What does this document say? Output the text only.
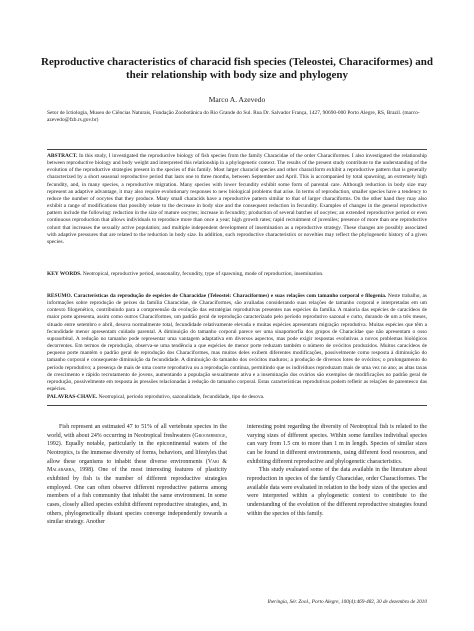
Reproductive characteristics of characid fish species (Teleostei, Characiformes) and their relationship with body size and phylogeny
Marco A. Azevedo
Setor de Ictiologia, Museu de Ciências Naturais, Fundação Zoobotânica do Rio Grande do Sul. Rua Dr. Salvador França, 1427, 90690-000 Porto Alegre, RS, Brazil. (marco-azevedo@fzb.rs.gov.br)

ABSTRACT. In this study, I investigated the reproductive biology of fish species from the family Characidae of the order Characiformes. I also investigated the relationship between reproductive biology and body weight and interpreted this relationship in a phylogenetic context. The results of the present study contribute to the understanding of the evolution of the reproductive strategies present in the species of this family. Most larger characid species and other characiform exhibit a reproductive pattern that is generally characterized by a short seasonal reproductive period that lasts one to three months, between September and April. This is accompanied by total spawning, an extremely high fecundity, and, in many species, a reproductive migration. Many species with lower fecundity exhibit some form of parental care. Although reduction in body size may represent an adaptive advantage, it may also require evolutionary responses to new biological problems that arise. In terms of reproduction, smaller species have a tendency to reduce the number of oocytes that they produce. Many small characids have a reproductive pattern similar to that of larger characiforms. On the other hand they may also exhibit a range of modifications that possibly relate to the decrease in body size and the consequent reduction in fecundity. Examples of changes in the general reproductive pattern include the following: reduction in the size of mature oocytes; increase in fecundity; production of several batches of oocytes; an extended reproductive period or even continuous reproduction that allows individuals to reproduce more than once a year; high growth rates; rapid recruitment of juveniles; presence of more than one reproductive cohort that increases the sexually active population; and multiple independent development of insemination as a reproductive strategy. These changes are possibly associated with adaptive pressures that are related to the reduction in body size. In addition, such reproductive characteristics or novelties may reflect the phylogenetic history of a given species.

KEY WORDS. Neotropical, reproductive period, seasonality, fecundity, type of spawning, mode of reproduction, insemination.

RESUMO. Características da reprodução de espécies de Characidae (Teleostei: Characiformes) e suas relações com tamanho corporal e filogenia. Neste trabalho, as informações sobre reprodução de peixes da família Characidae, de Characiformes, são avaliadas considerando suas relações de tamanho corporal e interpretadas em um contexto filogenético, contribuindo para a compreensão da evolução das estratégias reprodutivas presentes nas espécies da família. A maioria das espécies de caracídeos de maior porte apresenta, assim como outros Characiformes, um padrão geral de reprodução caracterizado pelo período reprodutivo sazonal e curto, durando de um a três meses, situado entre setembro e abril, desova normalmente total, fecundidade relativamente elevada e muitas espécies apresentam migração reprodutiva. Muitas espécies que têm a fecundidade menor apresentam cuidado parental. A diminuição do tamanho corporal parece ser uma sinapomorfia dos grupos de Characidae que não apresentam o osso supraorbital. A redução no tamanho pode representar uma vantagem adaptativa em diversos aspectos, mas pode exigir respostas evolutivas a novos problemas biológicos decorrentes. Em termos de reprodução, observa-se uma tendência a que espécies de menor porte reduzam também o número de ovócitos produzidos. Muitos caracídeos de pequeno porte mantêm o padrão geral de reprodução dos Characiformes, mas muitos deles exibem diferentes modificações, possivelmente como resposta à diminuição do tamanho corporal e consequente diminuição da fecundidade. A diminuição do tamanho dos ovócitos maduros; a produção de diversos lotes de ovócitos; o prolongamento do período reprodutivo; a presença de mais de uma coorte reprodutiva ou a reprodução contínua, permitindo que os indivíduos reproduzam mais de uma vez no ano; as altas taxas de crescimento e rápido recrutamento de jovens, aumentando a população sexualmente ativa e a inseminação dos ovários são exemplos de modificações no padrão geral de reprodução, possivelmente em resposta às pressões relacionadas à redução do tamanho corporal. Estas características reprodutivas podem refletir as relações de parentesco das espécies.

PALAVRAS-CHAVE. Neotropical, período reprodutivo, sazonalidade, fecundidade, tipo de desova.

Fish represent an estimated 47 to 51% of all vertebrate species in the world, with about 24% occurring in Neotropical freshwaters (Groombridge, 1992). Equally notable, particularly in the epicontinental waters of the Neotropics, is the immense diversity of forms, behaviors, and lifestyles that allow these organisms to inhabit these diverse environments (Vari & Malabarba, 1998). One of the most interesting features of plasticity exhibited by fish is the number of different reproductive strategies employed. One can often observe different reproductive patterns among members of a fish community that inhabit the same environment. In some cases, closely allied species exhibit different reproductive strategies, and, in others, phylogenetically distant species converge independently towards a similar strategy. Another

interesting point regarding the diversity of Neotropical fish is related to the varying sizes of different species. Within some families individual species can vary from 1.5 cm to more than 1 m in length. Species of similar sizes can be found in different environments, using different food resources, and exhibiting different reproductive and phylogenetic characteristics.

This study evaluated some of the data available in the literature about reproduction in species of the family Characidae, order Characiformes. The available data were evaluated in relation to the body sizes of the species and were interpreted within a phylogenetic context to contribute to the understanding of the evolution of the different reproductive strategies found within the species of this family.

Iheringia, Sér. Zool., Porto Alegre, 100(4):469-482, 30 de dezembro de 2010
